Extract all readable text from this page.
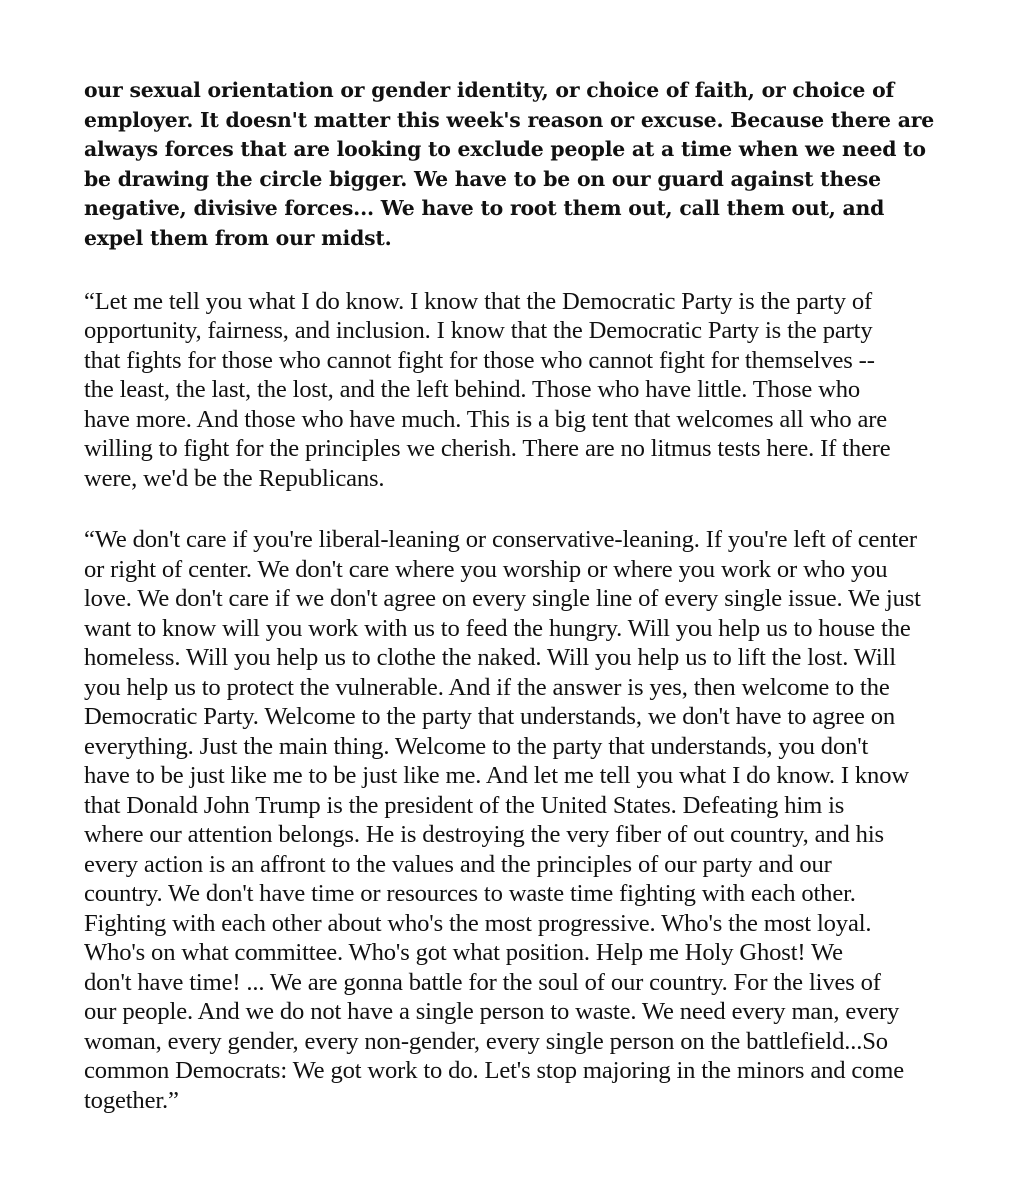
our sexual orientation or gender identity, or choice of faith, or choice of
employer. It doesn't matter this week's reason or excuse. Because there are
always forces that are looking to exclude people at a time when we need to
be drawing the circle bigger. We have to be on our guard against these
negative, divisive forces... We have to root them out, call them out, and
expel them from our midst.

“Let me tell you what I do know. I know that the Democratic Party is the party of
opportunity, fairness, and inclusion. I know that the Democratic Party is the party
that fights for those who cannot fight for those who cannot fight for themselves --
the least, the last, the lost, and the left behind. Those who have little. Those who
have more. And those who have much. This is a big tent that welcomes all who are
willing to fight for the principles we cherish. There are no litmus tests here. If there
were, we'd be the Republicans.

“We don't care if you're liberal-leaning or conservative-leaning. If you're left of center
or right of center. We don't care where you worship or where you work or who you
love. We don't care if we don't agree on every single line of every single issue. We just
want to know will you work with us to feed the hungry. Will you help us to house the
homeless. Will you help us to clothe the naked. Will you help us to lift the lost. Will
you help us to protect the vulnerable. And if the answer is yes, then welcome to the
Democratic Party. Welcome to the party that understands, we don't have to agree on
everything. Just the main thing. Welcome to the party that understands, you don't
have to be just like me to be just like me. And let me tell you what I do know. I know
that Donald John Trump is the president of the United States. Defeating him is
where our attention belongs. He is destroying the very fiber of out country, and his
every action is an affront to the values and the principles of our party and our
country. We don't have time or resources to waste time fighting with each other.
Fighting with each other about who's the most progressive. Who's the most loyal.
Who's on what committee. Who's got what position. Help me Holy Ghost! We
don't have time! ... We are gonna battle for the soul of our country. For the lives of
our people. And we do not have a single person to waste. We need every man, every
woman, every gender, every non-gender, every single person on the battlefield...So
common Democrats: We got work to do. Let's stop majoring in the minors and come
together.”
